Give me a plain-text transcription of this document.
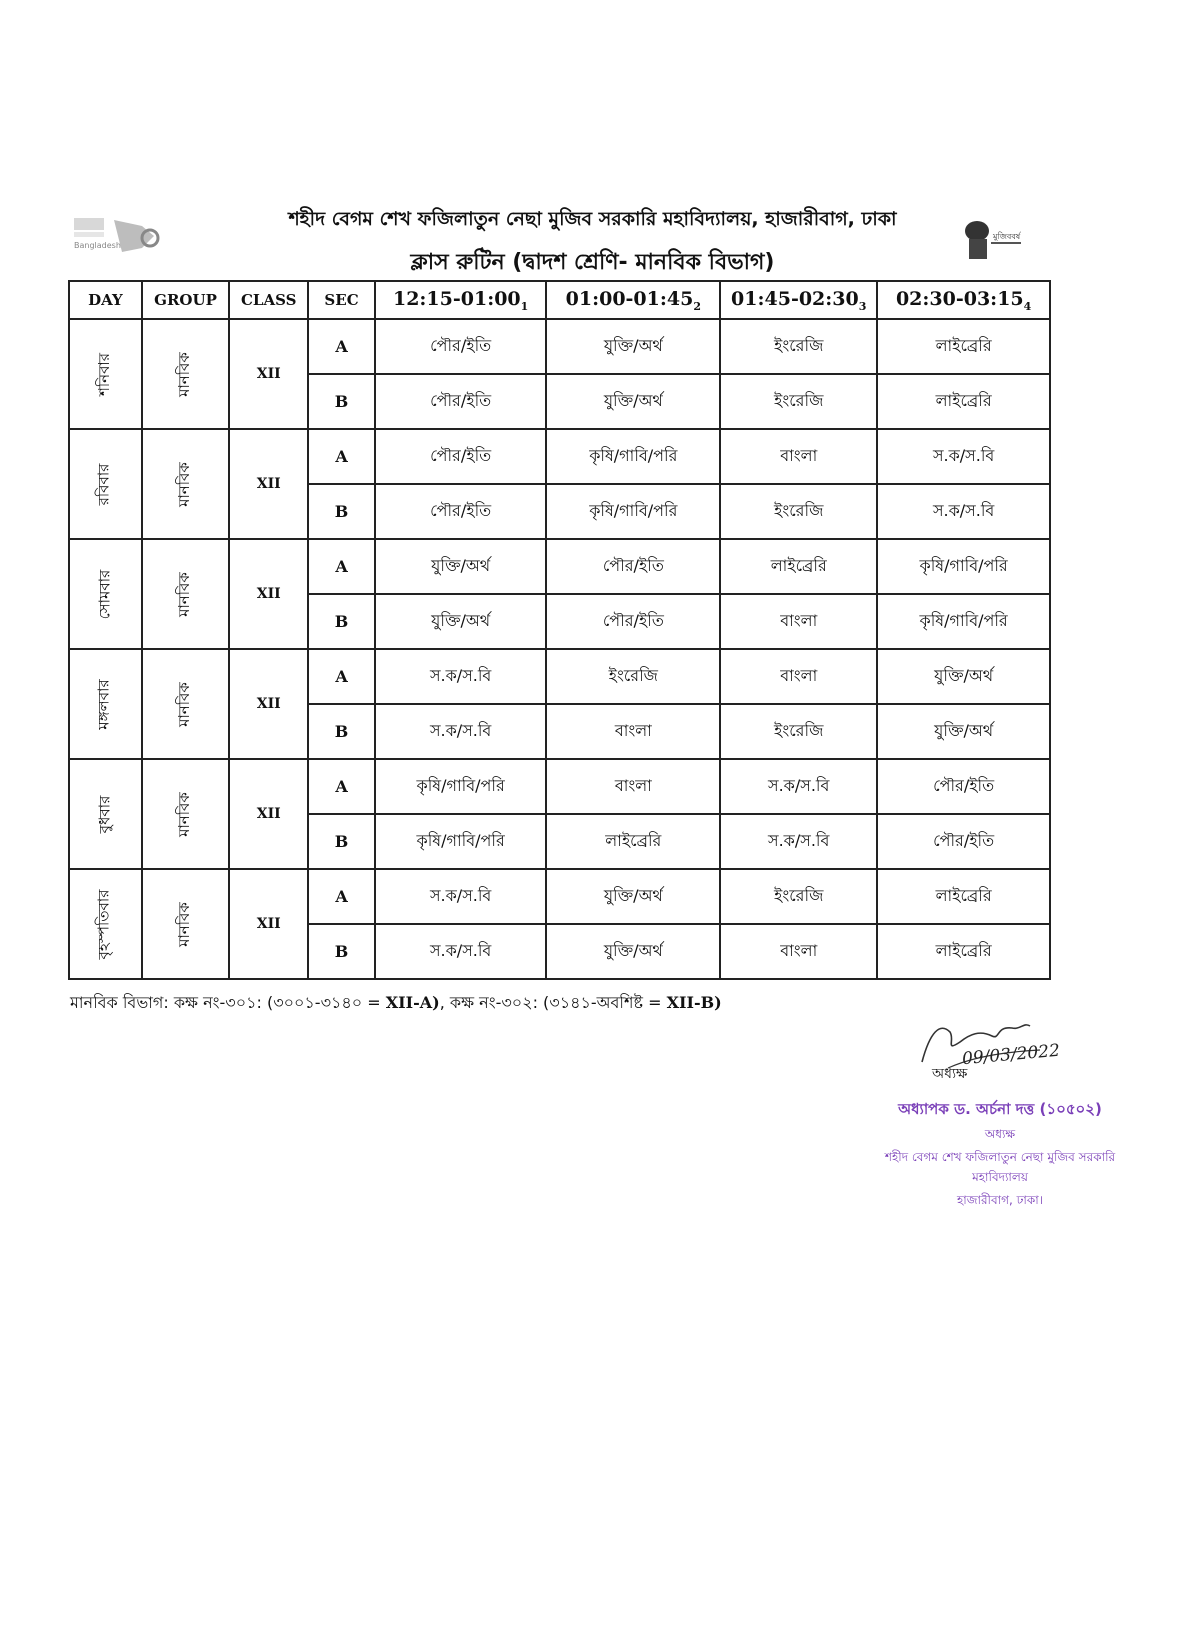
Bangladesh
মুজিববর্ষ
শহীদ বেগম শেখ ফজিলাতুন নেছা মুজিব সরকারি মহাবিদ্যালয়, হাজারীবাগ, ঢাকা
ক্লাস রুটিন (দ্বাদশ শ্রেণি- মানবিক বিভাগ)
DAY	GROUP	CLASS	SEC	$12:15-01:00_1$	$01:00-01:45_2$	$01:45-02:30_3$	$02:30-03:15_4$
শনিবার	মানবিক	XII	A	পৌর/ইতি	যুক্তি/অর্থ	ইংরেজি	লাইব্রেরি
			B	পৌর/ইতি	যুক্তি/অর্থ	ইংরেজি	লাইব্রেরি
রবিবার	মানবিক	XII	A	পৌর/ইতি	কৃষি/গাবি/পরি	বাংলা	স.ক/স.বি
			B	পৌর/ইতি	কৃষি/গাবি/পরি	ইংরেজি	স.ক/স.বি
সোমবার	মানবিক	XII	A	যুক্তি/অর্থ	পৌর/ইতি	লাইব্রেরি	কৃষি/গাবি/পরি
			B	যুক্তি/অর্থ	পৌর/ইতি	বাংলা	কৃষি/গাবি/পরি
মঙ্গলবার	মানবিক	XII	A	স.ক/স.বি	ইংরেজি	বাংলা	যুক্তি/অর্থ
			B	স.ক/স.বি	বাংলা	ইংরেজি	যুক্তি/অর্থ
বুধবার	মানবিক	XII	A	কৃষি/গাবি/পরি	বাংলা	স.ক/স.বি	পৌর/ইতি
			B	কৃষি/গাবি/পরি	লাইব্রেরি	স.ক/স.বি	পৌর/ইতি
বৃহস্পতিবার	মানবিক	XII	A	স.ক/স.বি	যুক্তি/অর্থ	ইংরেজি	লাইব্রেরি
			B	স.ক/স.বি	যুক্তি/অর্থ	বাংলা	লাইব্রেরি
মানবিক বিভাগ: কক্ষ নং-৩০১: (৩০০১-৩১৪০ = XII-A), কক্ষ নং-৩০২: (৩১৪১-অবশিষ্ট = XII-B)
09/03/2022
অধ্যক্ষ
অধ্যাপক ড. অর্চনা দত্ত (১০৫০২)
অধ্যক্ষ
শহীদ বেগম শেখ ফজিলাতুন নেছা মুজিব সরকারি মহাবিদ্যালয়
হাজারীবাগ, ঢাকা।
